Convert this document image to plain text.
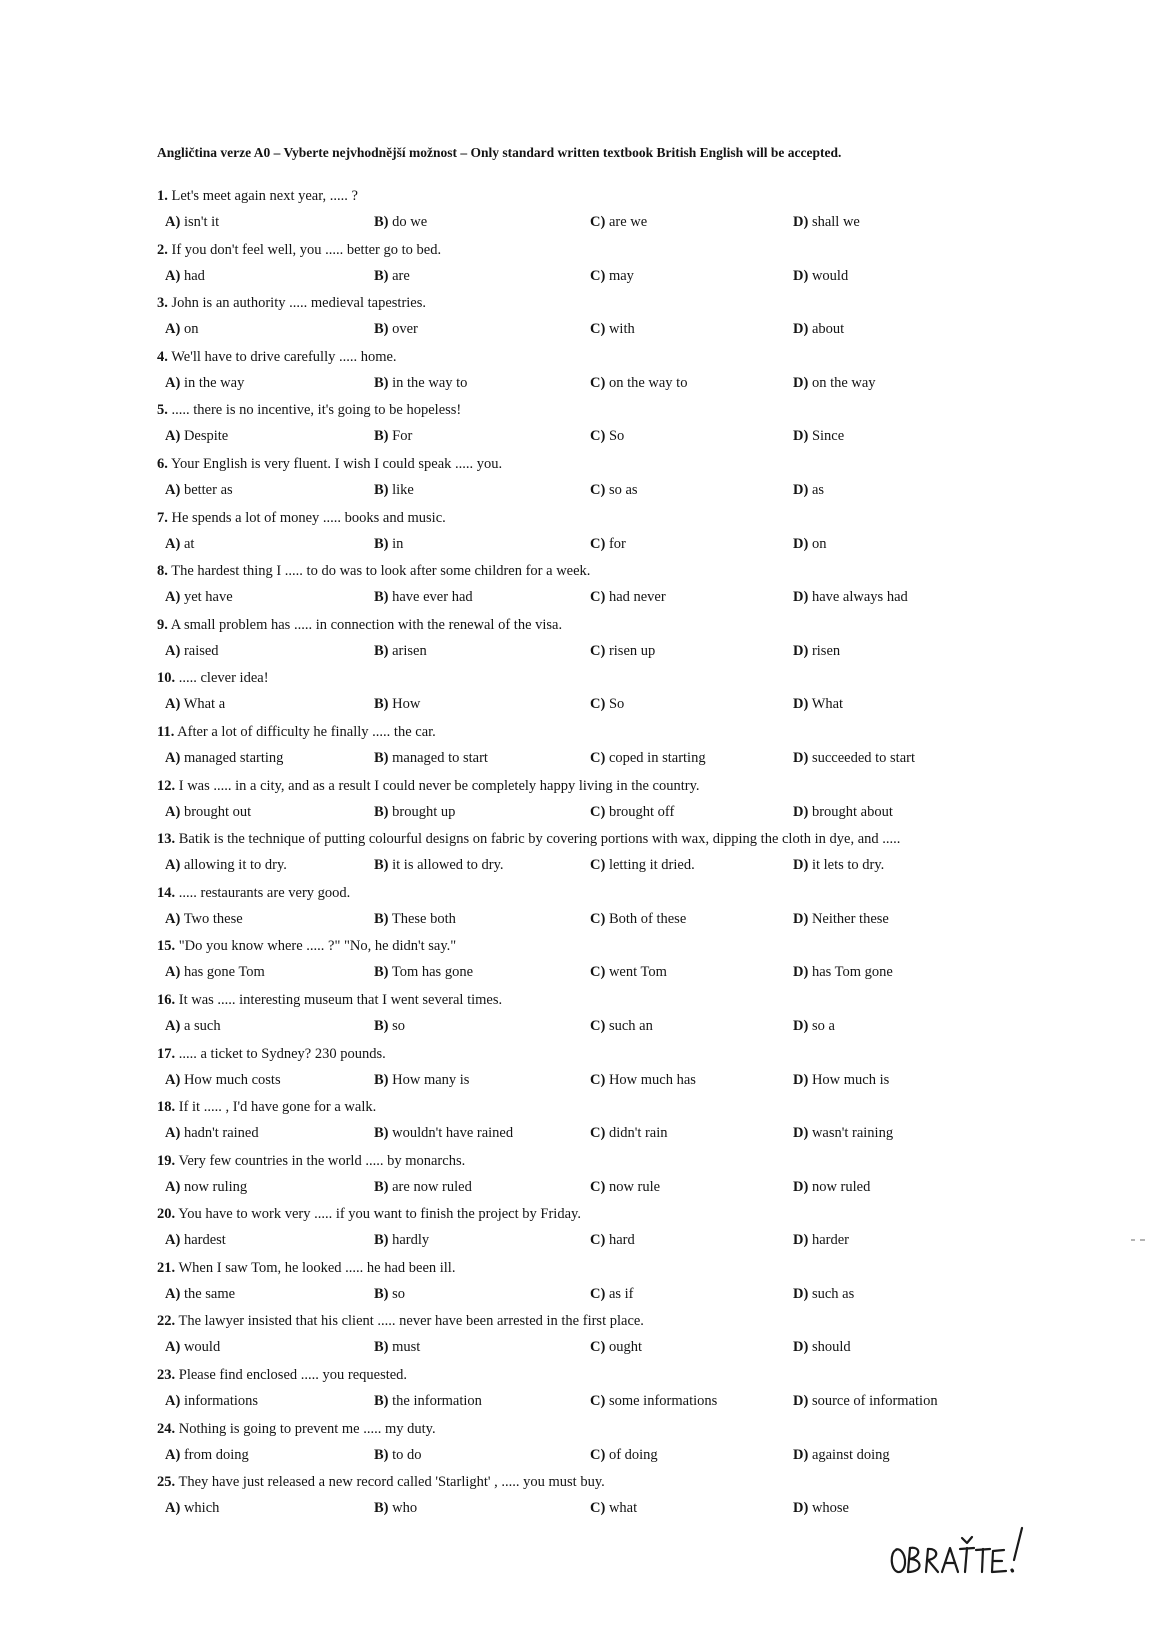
Angličtina verze A0 – Vyberte nejvhodnější možnost – Only standard written textbook British English will be accepted.
1. Let's meet again next year, ..... ?
A) isn't it	B) do we	C) are we	D) shall we
2. If you don't feel well, you ..... better go to bed.
A) had	B) are	C) may	D) would
3. John is an authority ..... medieval tapestries.
A) on	B) over	C) with	D) about
4. We'll have to drive carefully ..... home.
A) in the way	B) in the way to	C) on the way to	D) on the way
5. ..... there is no incentive, it's going to be hopeless!
A) Despite	B) For	C) So	D) Since
6. Your English is very fluent. I wish I could speak ..... you.
A) better as	B) like	C) so as	D) as
7. He spends a lot of money ..... books and music.
A) at	B) in	C) for	D) on
8. The hardest thing I ..... to do was to look after some children for a week.
A) yet have	B) have ever had	C) had never	D) have always had
9. A small problem has ..... in connection with the renewal of the visa.
A) raised	B) arisen	C) risen up	D) risen
10. ..... clever idea!
A) What a	B) How	C) So	D) What
11. After a lot of difficulty he finally ..... the car.
A) managed starting	B) managed to start	C) coped in starting	D) succeeded to start
12. I was ..... in a city, and as a result I could never be completely happy living in the country.
A) brought out	B) brought up	C) brought off	D) brought about
13. Batik is the technique of putting colourful designs on fabric by covering portions with wax, dipping the cloth in dye, and .....
A) allowing it to dry.	B) it is allowed to dry.	C) letting it dried.	D) it lets to dry.
14. ..... restaurants are very good.
A) Two these	B) These both	C) Both of these	D) Neither these
15. "Do you know where ..... ?" "No, he didn't say."
A) has gone Tom	B) Tom has gone	C) went Tom	D) has Tom gone
16. It was ..... interesting museum that I went several times.
A) a such	B) so	C) such an	D) so a
17. ..... a ticket to Sydney? 230 pounds.
A) How much costs	B) How many is	C) How much has	D) How much is
18. If it ..... , I'd have gone for a walk.
A) hadn't rained	B) wouldn't have rained	C) didn't rain	D) wasn't raining
19. Very few countries in the world ..... by monarchs.
A) now ruling	B) are now ruled	C) now rule	D) now ruled
20. You have to work very ..... if you want to finish the project by Friday.
A) hardest	B) hardly	C) hard	D) harder
21. When I saw Tom, he looked ..... he had been ill.
A) the same	B) so	C) as if	D) such as
22. The lawyer insisted that his client ..... never have been arrested in the first place.
A) would	B) must	C) ought	D) should
23. Please find enclosed ..... you requested.
A) informations	B) the information	C) some informations	D) source of information
24. Nothing is going to prevent me ..... my duty.
A) from doing	B) to do	C) of doing	D) against doing
25. They have just released a new record called 'Starlight' , ..... you must buy.
A) which	B) who	C) what	D) whose
